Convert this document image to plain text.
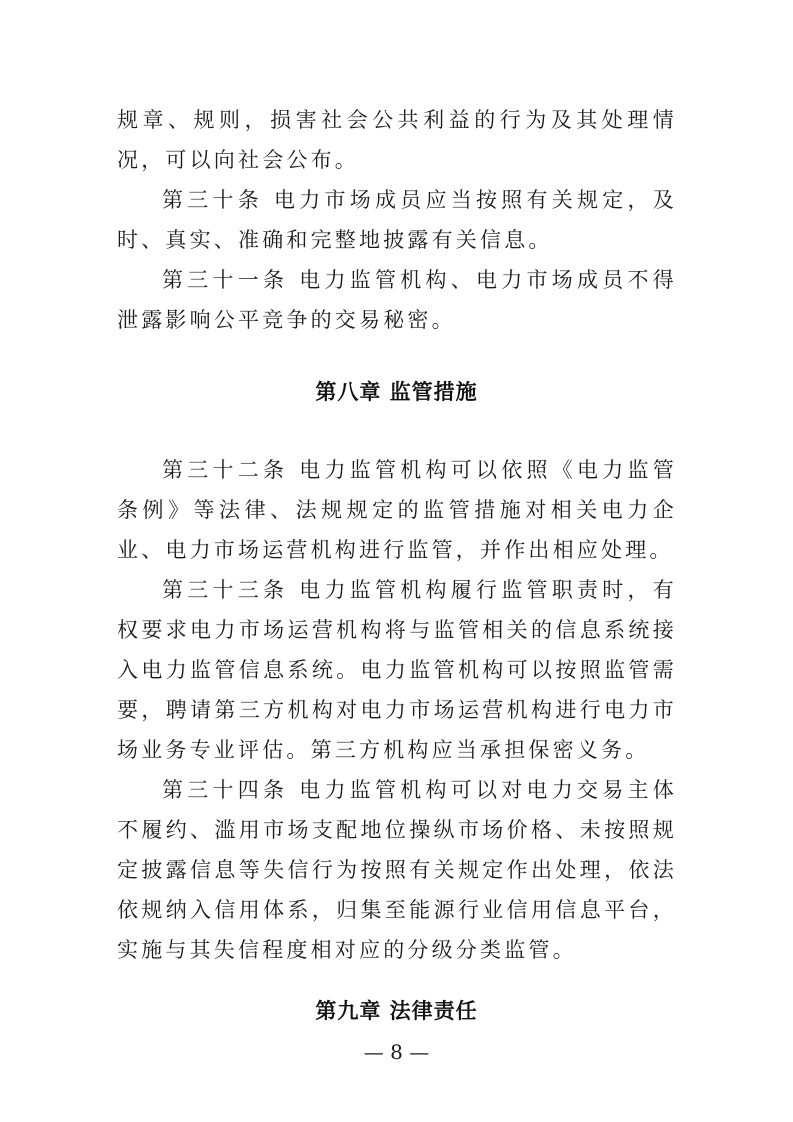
规章、规则，损害社会公共利益的行为及其处理情况，可以向社会公布。

第三十条 电力市场成员应当按照有关规定，及时、真实、准确和完整地披露有关信息。

第三十一条 电力监管机构、电力市场成员不得泄露影响公平竞争的交易秘密。

第八章 监管措施

第三十二条 电力监管机构可以依照《电力监管条例》等法律、法规规定的监管措施对相关电力企业、电力市场运营机构进行监管，并作出相应处理。

第三十三条 电力监管机构履行监管职责时，有权要求电力市场运营机构将与监管相关的信息系统接入电力监管信息系统。电力监管机构可以按照监管需要，聘请第三方机构对电力市场运营机构进行电力市场业务专业评估。第三方机构应当承担保密义务。

第三十四条 电力监管机构可以对电力交易主体不履约、滥用市场支配地位操纵市场价格、未按照规定披露信息等失信行为按照有关规定作出处理，依法依规纳入信用体系，归集至能源行业信用信息平台，实施与其失信程度相对应的分级分类监管。

第九章 法律责任

— 8 —
